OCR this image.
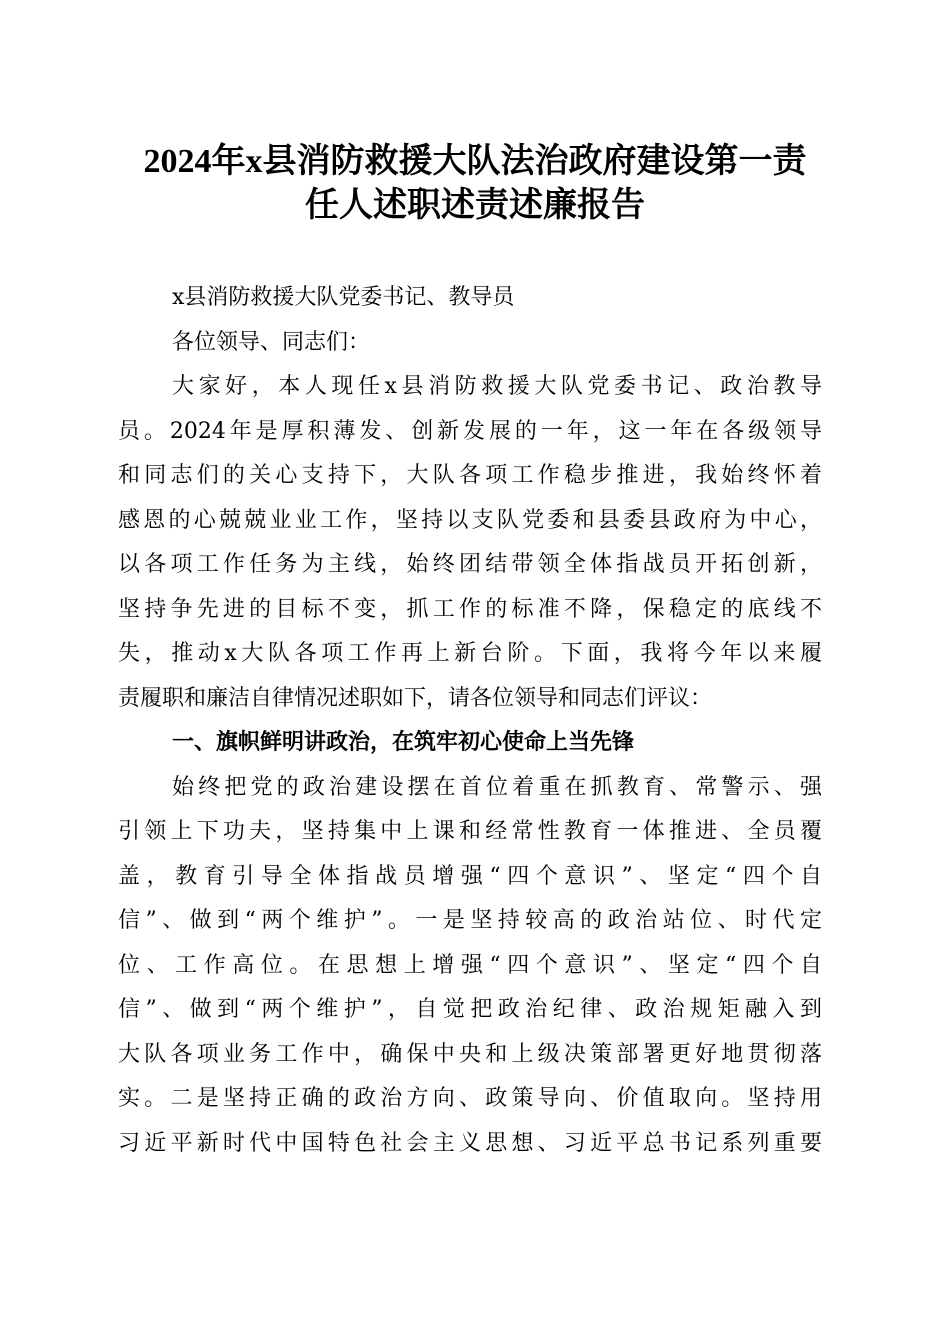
2024年x县消防救援大队法治政府建设第一责
任人述职述责述廉报告
x县消防救援大队党委书记、教导员
各位领导、同志们：
大家好，本人现任x县消防救援大队党委书记、政治教导
员。2024年是厚积薄发、创新发展的一年，这一年在各级领导
和同志们的关心支持下，大队各项工作稳步推进，我始终怀着
感恩的心兢兢业业工作，坚持以支队党委和县委县政府为中心，
以各项工作任务为主线，始终团结带领全体指战员开拓创新，
坚持争先进的目标不变，抓工作的标准不降，保稳定的底线不
失，推动x大队各项工作再上新台阶。下面，我将今年以来履
责履职和廉洁自律情况述职如下，请各位领导和同志们评议：
一、旗帜鲜明讲政治，在筑牢初心使命上当先锋
始终把党的政治建设摆在首位着重在抓教育、常警示、强
引领上下功夫，坚持集中上课和经常性教育一体推进、全员覆
盖，教育引导全体指战员增强“四个意识”、坚定“四个自
信”、做到“两个维护”。一是坚持较高的政治站位、时代定
位、工作高位。在思想上增强“四个意识”、坚定“四个自
信”、做到“两个维护”，自觉把政治纪律、政治规矩融入到
大队各项业务工作中，确保中央和上级决策部署更好地贯彻落
实。二是坚持正确的政治方向、政策导向、价值取向。坚持用
习近平新时代中国特色社会主义思想、习近平总书记系列重要
